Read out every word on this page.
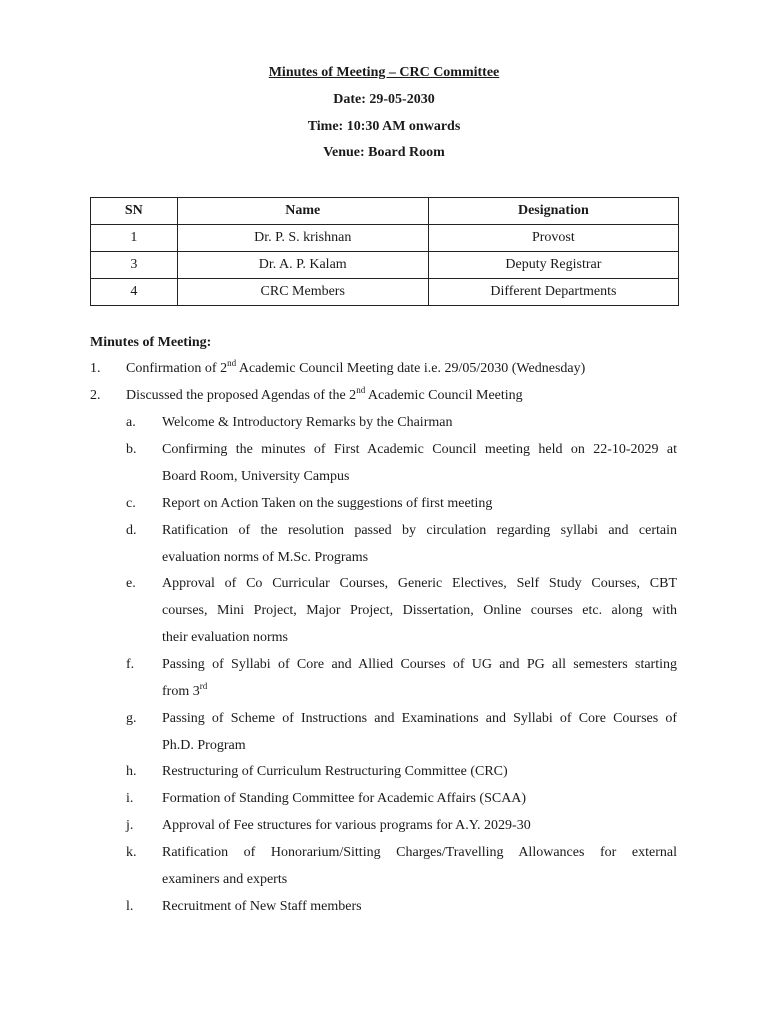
Minutes of Meeting – CRC Committee
Date: 29-05-2030
Time: 10:30 AM onwards
Venue: Board Room
SN	Name	Designation
1	Dr. P. S. krishnan	Provost
3	Dr. A. P. Kalam	Deputy Registrar
4	CRC Members	Different Departments
Minutes of Meeting:
1. Confirmation of 2nd Academic Council Meeting date i.e. 29/05/2030 (Wednesday)
2. Discussed the proposed Agendas of the 2nd Academic Council Meeting
a. Welcome & Introductory Remarks by the Chairman
b. Confirming the minutes of First Academic Council meeting held on 22-10-2029 at
Board Room, University Campus
c. Report on Action Taken on the suggestions of first meeting
d. Ratification of the resolution passed by circulation regarding syllabi and certain
evaluation norms of M.Sc. Programs
e. Approval of Co Curricular Courses, Generic Electives, Self Study Courses, CBT
courses, Mini Project, Major Project, Dissertation, Online courses etc. along with
their evaluation norms
f. Passing of Syllabi of Core and Allied Courses of UG and PG all semesters starting
from 3rd
g. Passing of Scheme of Instructions and Examinations and Syllabi of Core Courses of
Ph.D. Program
h. Restructuring of Curriculum Restructuring Committee (CRC)
i. Formation of Standing Committee for Academic Affairs (SCAA)
j. Approval of Fee structures for various programs for A.Y. 2029-30
k. Ratification of Honorarium/Sitting Charges/Travelling Allowances for external
examiners and experts
l. Recruitment of New Staff members
